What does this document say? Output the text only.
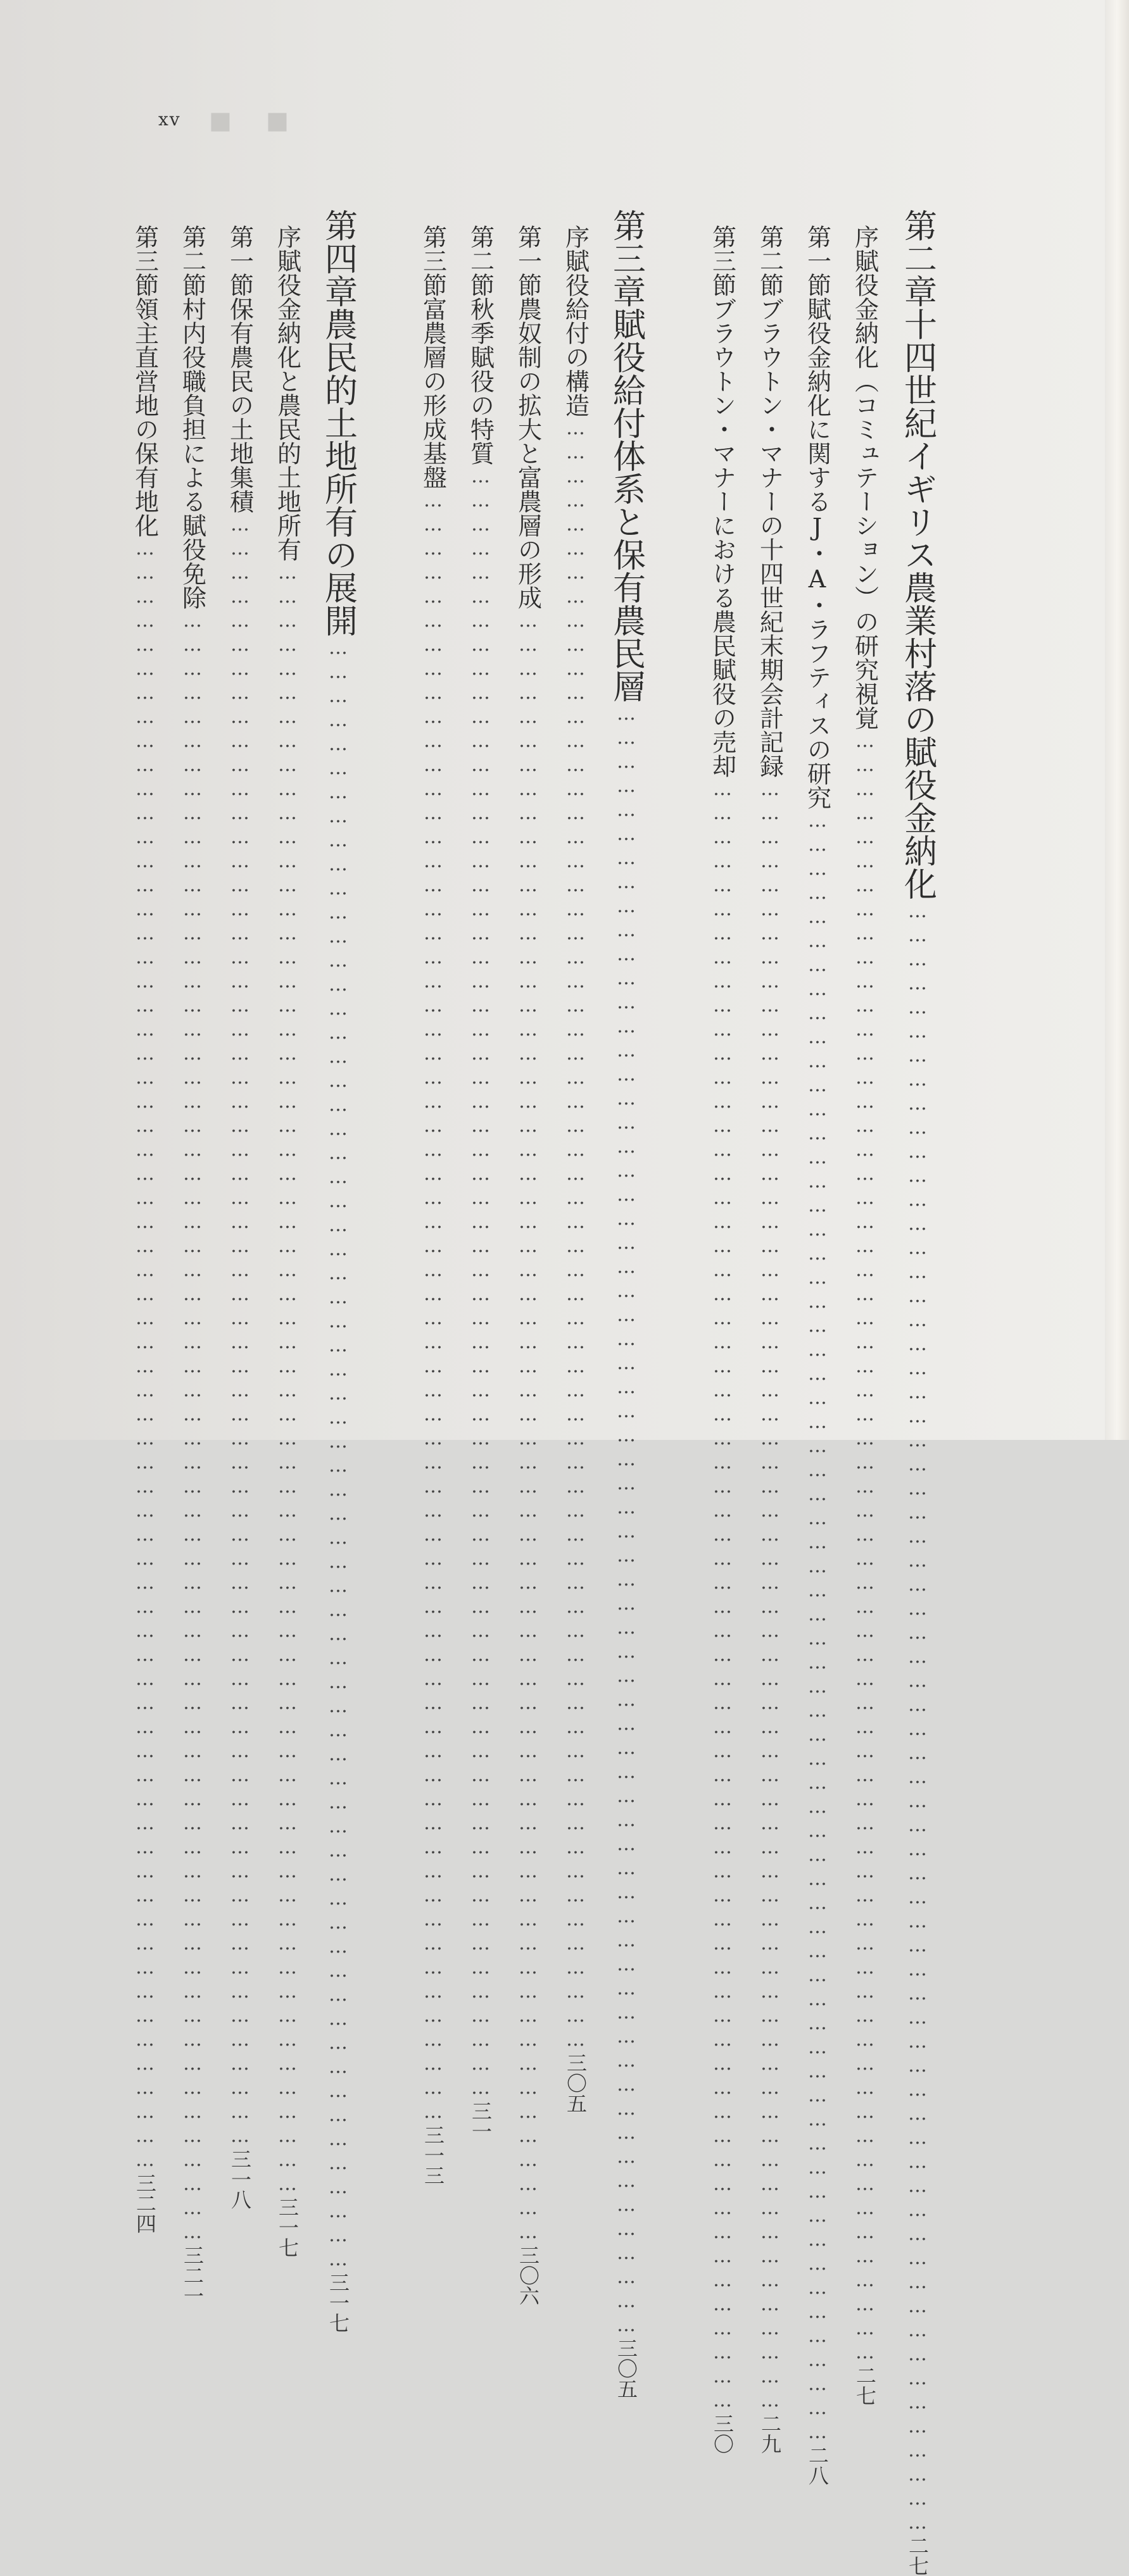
xv ■ ■
第二章
十四世紀イギリス農業村落の賦役金納化
……………………………………………………………………………………………………………………………………………………………………………………
二七
序
賦役金納化（コミュテーション）の研究視覚
……………………………………………………………………………………………………………………………………………………………………………………
二七
第一節
賦役金納化に関するJ・A・ラフティスの研究
……………………………………………………………………………………………………………………………………………………………………………………
二八
第二節
ブラウトン・マナーの十四世紀末期会計記録
……………………………………………………………………………………………………………………………………………………………………………………
二九
第三節
ブラウトン・マナーにおける農民賦役の売却
……………………………………………………………………………………………………………………………………………………………………………………
三〇
第三章
賦役給付体系と保有農民層
……………………………………………………………………………………………………………………………………………………………………………………
三〇五
序
賦役給付の構造
……………………………………………………………………………………………………………………………………………………………………………………
三〇五
第一節
農奴制の拡大と富農層の形成
……………………………………………………………………………………………………………………………………………………………………………………
三〇六
第二節
秋季賦役の特質
……………………………………………………………………………………………………………………………………………………………………………………
三一
第三節
富農層の形成基盤
……………………………………………………………………………………………………………………………………………………………………………………
三一三
第四章
農民的土地所有の展開
……………………………………………………………………………………………………………………………………………………………………………………
三一七
序
賦役金納化と農民的土地所有
……………………………………………………………………………………………………………………………………………………………………………………
三一七
第一節
保有農民の土地集積
……………………………………………………………………………………………………………………………………………………………………………………
三一八
第二節
村内役職負担による賦役免除
……………………………………………………………………………………………………………………………………………………………………………………
三二一
第三節
領主直営地の保有地化
……………………………………………………………………………………………………………………………………………………………………………………
三二四
